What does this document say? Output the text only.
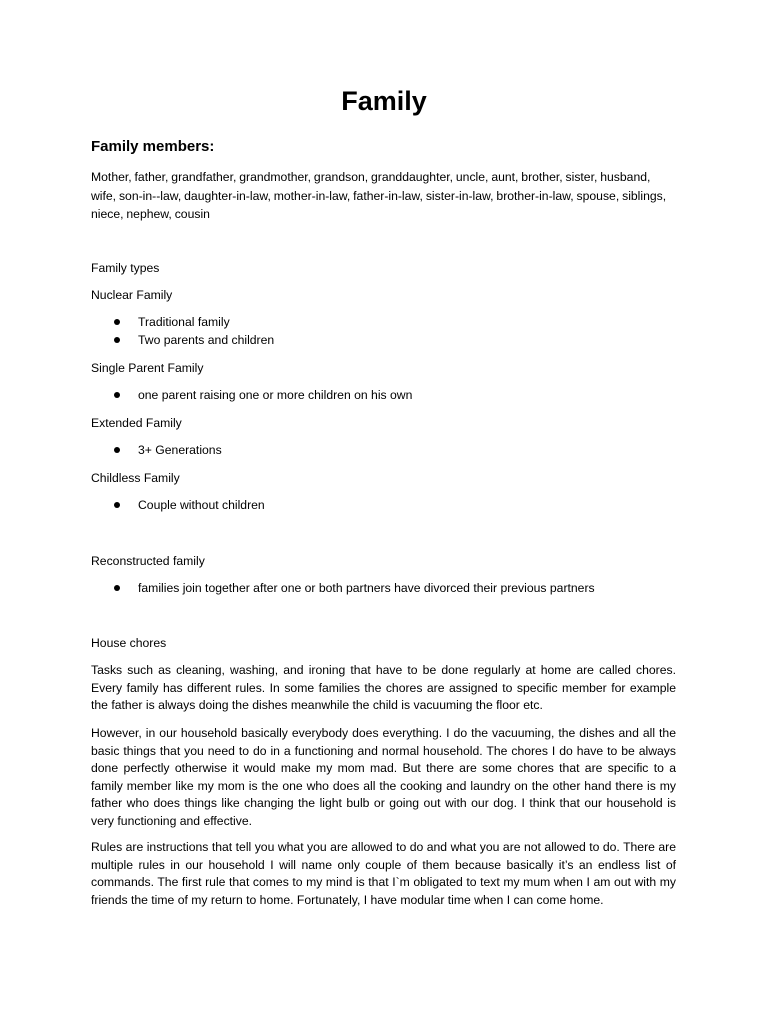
Family
Family members:

Mother, father, grandfather, grandmother, grandson, granddaughter, uncle, aunt, brother, sister, husband, wife, son-in--law, daughter-in-law, mother-in-law, father-in-law, sister-in-law, brother-in-law, spouse, siblings, niece, nephew, cousin

Family types

Nuclear Family

Traditional family
Two parents and children

Single Parent Family

one parent raising one or more children on his own

Extended Family

3+ Generations

Childless Family

Couple without children

Reconstructed family

families join together after one or both partners have divorced their previous partners

House chores

Tasks such as cleaning, washing, and ironing that have to be done regularly at home are called chores. Every family has different rules. In some families the chores are assigned to specific member for example the father is always doing the dishes meanwhile the child is vacuuming the floor etc.

However, in our household basically everybody does everything. I do the vacuuming, the dishes and all the basic things that you need to do in a functioning and normal household. The chores I do have to be always done perfectly otherwise it would make my mom mad. But there are some chores that are specific to a family member like my mom is the one who does all the cooking and laundry on the other hand there is my father who does things like changing the light bulb or going out with our dog. I think that our household is very functioning and effective.

Rules are instructions that tell you what you are allowed to do and what you are not allowed to do. There are multiple rules in our household I will name only couple of them because basically it’s an endless list of commands. The first rule that comes to my mind is that I`m obligated to text my mum when I am out with my friends the time of my return to home. Fortunately, I have modular time when I can come home.
